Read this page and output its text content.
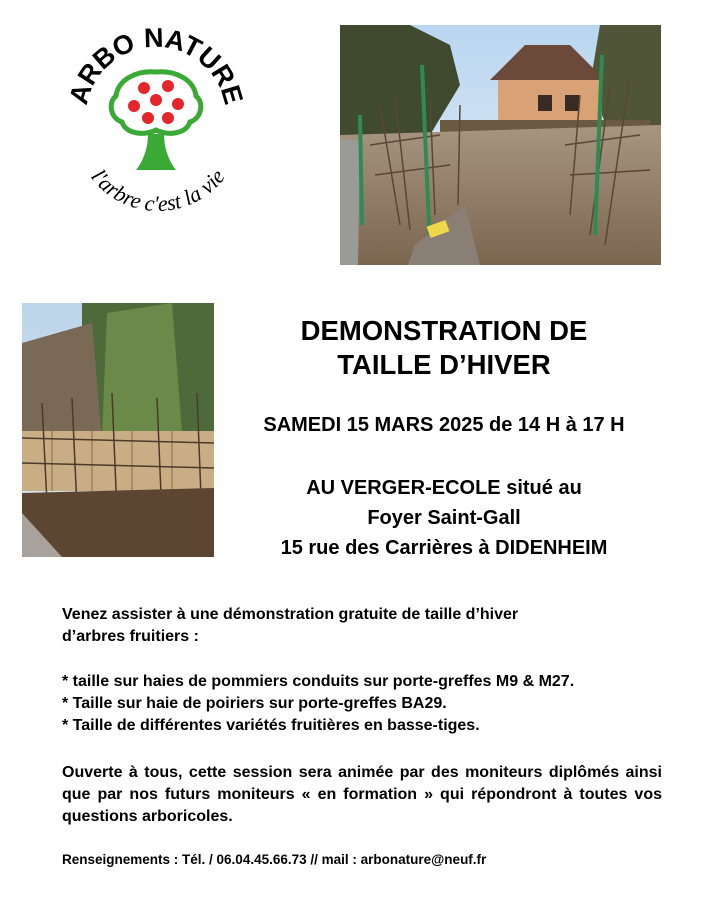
ARBO NATURE
l'arbre c'est la vie
DEMONSTRATION DE
TAILLE D’HIVER
SAMEDI 15 MARS 2025 de 14 H à 17 H
AU VERGER-ECOLE situé au
Foyer Saint-Gall
15 rue des Carrières à DIDENHEIM
Venez assister à une démonstration gratuite de taille d’hiver
d’arbres fruitiers :
* taille sur haies de pommiers conduits sur porte-greffes M9 & M27.
* Taille sur haie de poiriers sur porte-greffes BA29.
* Taille de différentes variétés fruitières en basse-tiges.
Ouverte à tous, cette session sera animée par des moniteurs diplômés ainsi que par nos futurs moniteurs « en formation » qui répondront à toutes vos questions arboricoles.
Renseignements : Tél. / 06.04.45.66.73 // mail : arbonature@neuf.fr
